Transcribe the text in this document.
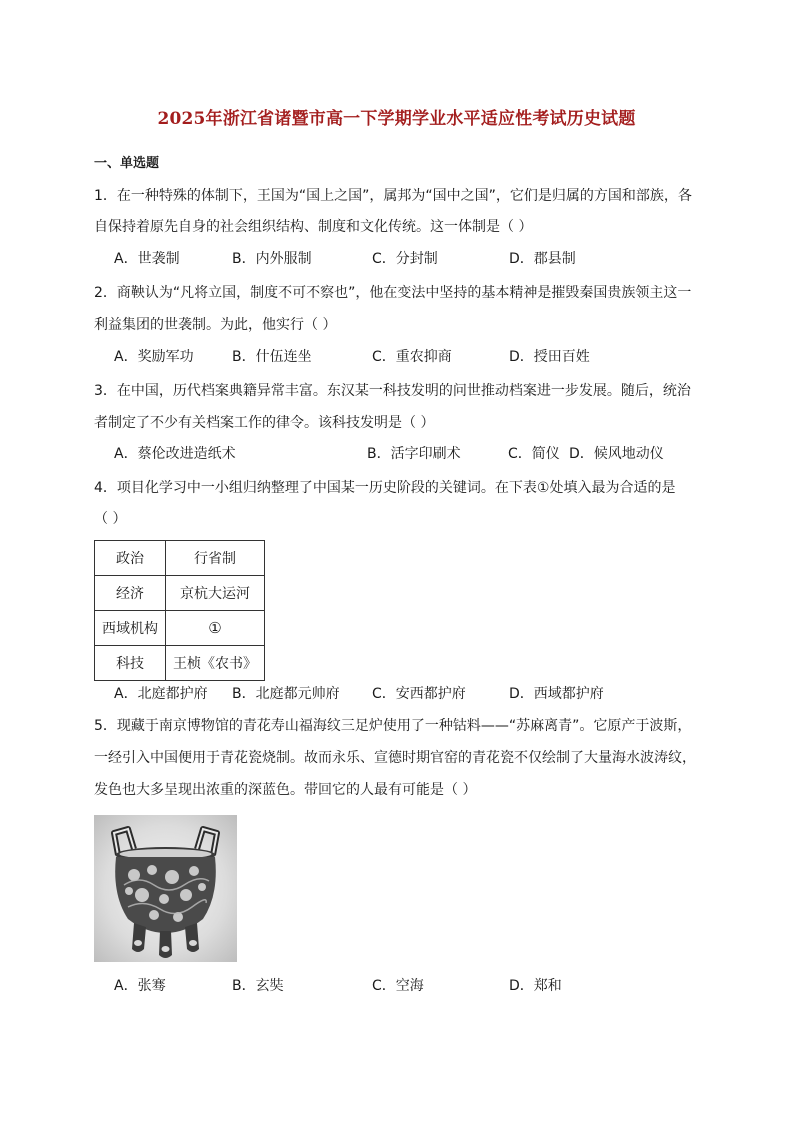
2025年浙江省诸暨市高一下学期学业水平适应性考试历史试题
一、单选题
1．在一种特殊的体制下，王国为“国上之国”，属邦为“国中之国”，它们是归属的方国和部族，各
自保持着原先自身的社会组织结构、制度和文化传统。这一体制是（ ）
A．世袭制	B．内外服制	C．分封制	D．郡县制
2．商鞅认为“凡将立国，制度不可不察也”，他在变法中坚持的基本精神是摧毁秦国贵族领主这一
利益集团的世袭制。为此，他实行（ ）
A．奖励军功	B．什伍连坐	C．重农抑商	D．授田百姓
3．在中国，历代档案典籍异常丰富。东汉某一科技发明的问世推动档案进一步发展。随后，统治
者制定了不少有关档案工作的律令。该科技发明是（ ）
A．蔡伦改进造纸术	B．活字印刷术	C．简仪 D．候风地动仪
4．项目化学习中一小组归纳整理了中国某一历史阶段的关键词。在下表①处填入最为合适的是
（ ）
政治	行省制
经济	京杭大运河
西域机构	①
科技	王桢《农书》
A．北庭都护府 B．北庭都元帅府 C．安西都护府	D．西域都护府
5．现藏于南京博物馆的青花寿山福海纹三足炉使用了一种钴料——“苏麻离青”。它原产于波斯，
一经引入中国便用于青花瓷烧制。故而永乐、宣德时期官窑的青花瓷不仅绘制了大量海水波涛纹，
发色也大多呈现出浓重的深蓝色。带回它的人最有可能是（ ）
A．张骞	B．玄奘	C．空海	D．郑和
